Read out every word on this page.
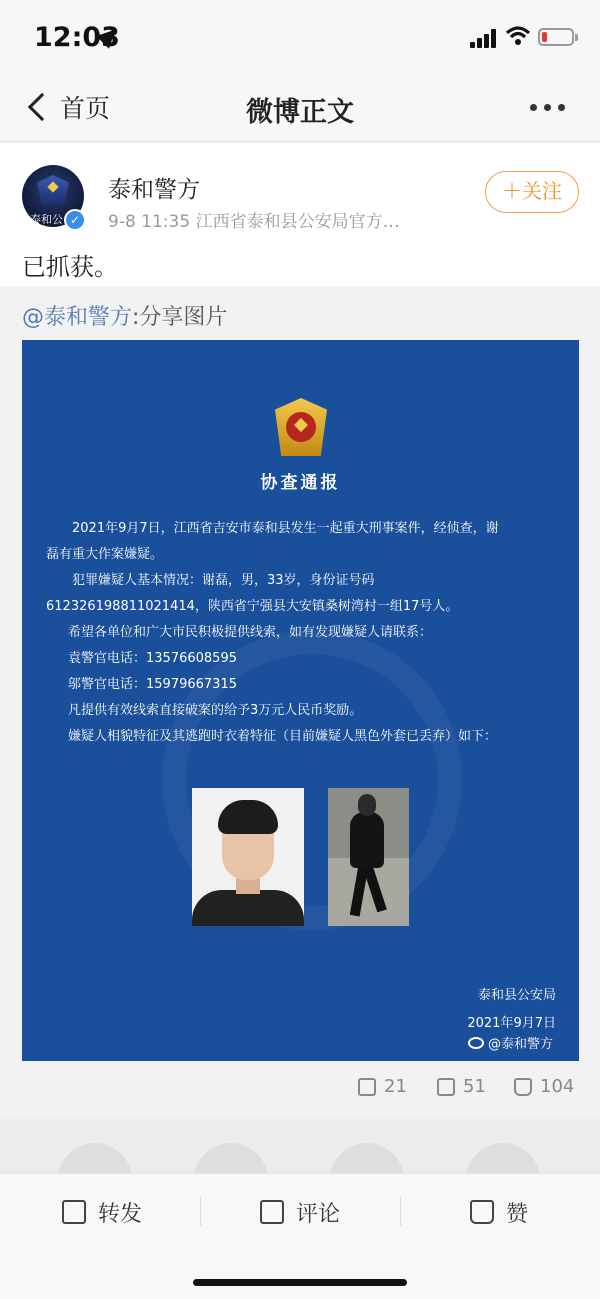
12:03
首页	微博正文
泰和公 ✓
泰和警方
9-8 11:35 江西省泰和县公安局官方…
＋关注
已抓获。
@泰和警方:分享图片
协查通报

2021年9月7日，江西省吉安市泰和县发生一起重大刑事案件，经侦查，谢

磊有重大作案嫌疑。

犯罪嫌疑人基本情况：谢磊，男，33岁，身份证号码

612326198811021414，陕西省宁强县大安镇桑树湾村一组17号人。

希望各单位和广大市民积极提供线索，如有发现嫌疑人请联系：

袁警官电话：13576608595

邬警官电话：15979667315

凡提供有效线索直接破案的给予3万元人民币奖励。

嫌疑人相貌特征及其逃跑时衣着特征（目前嫌疑人黑色外套已丢弃）如下：

泰和县公安局
2021年9月7日
@泰和警方
21	51	104
转发	评论	赞
